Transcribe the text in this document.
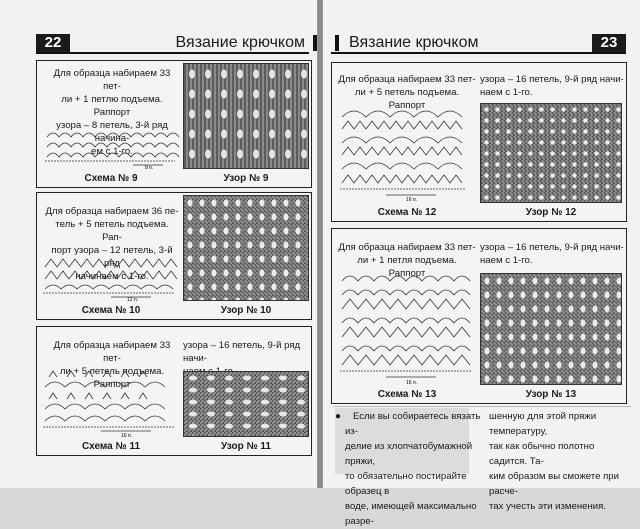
22	Вязание крючком
Для образца набираем 33 пет-
ли + 1 петлю подъема. Раппорт
узора – 8 петель, 3-й ряд начина-
ем с 1-го.
8 п.
Схема № 9	Узор № 9
Для образца набираем 36 пе-
тель + 5 петель подъема. Рап-
порт узора – 12 петель, 3-й ряд
начинаем с 1-го.
12 п.
Схема № 10	Узор № 10
Для образца набираем 33 пет-
ли + 5 петель подъема. Раппорт
узора – 16 петель, 9-й ряд начи-
16 п.
Схема № 11	Узор № 11
Вязание крючком	23
Для образца набираем 33 пет-
ли + 5 петель подъема. Раппорт
узора – 16 петель, 9-й ряд начи-
наем с 1-го.
16 п.
Схема № 12	Узор № 12
Для образца набираем 33 пет-
ли + 1 петля подъема. Раппорт
узора – 16 петель, 9-й ряд начи-
наем с 1-го.
16 п.
Схема № 13	Узор № 13
●	Если вы собираетесь вязать из-
делие из хлопчатобумажной пряжи,
то обязательно постирайте образец в
воде, имеющей максимально разре-
шенную для этой пряжи температуру,
так как обычно полотно садится. Та-
ким образом вы сможете при расче-
тах учесть эти изменения.
